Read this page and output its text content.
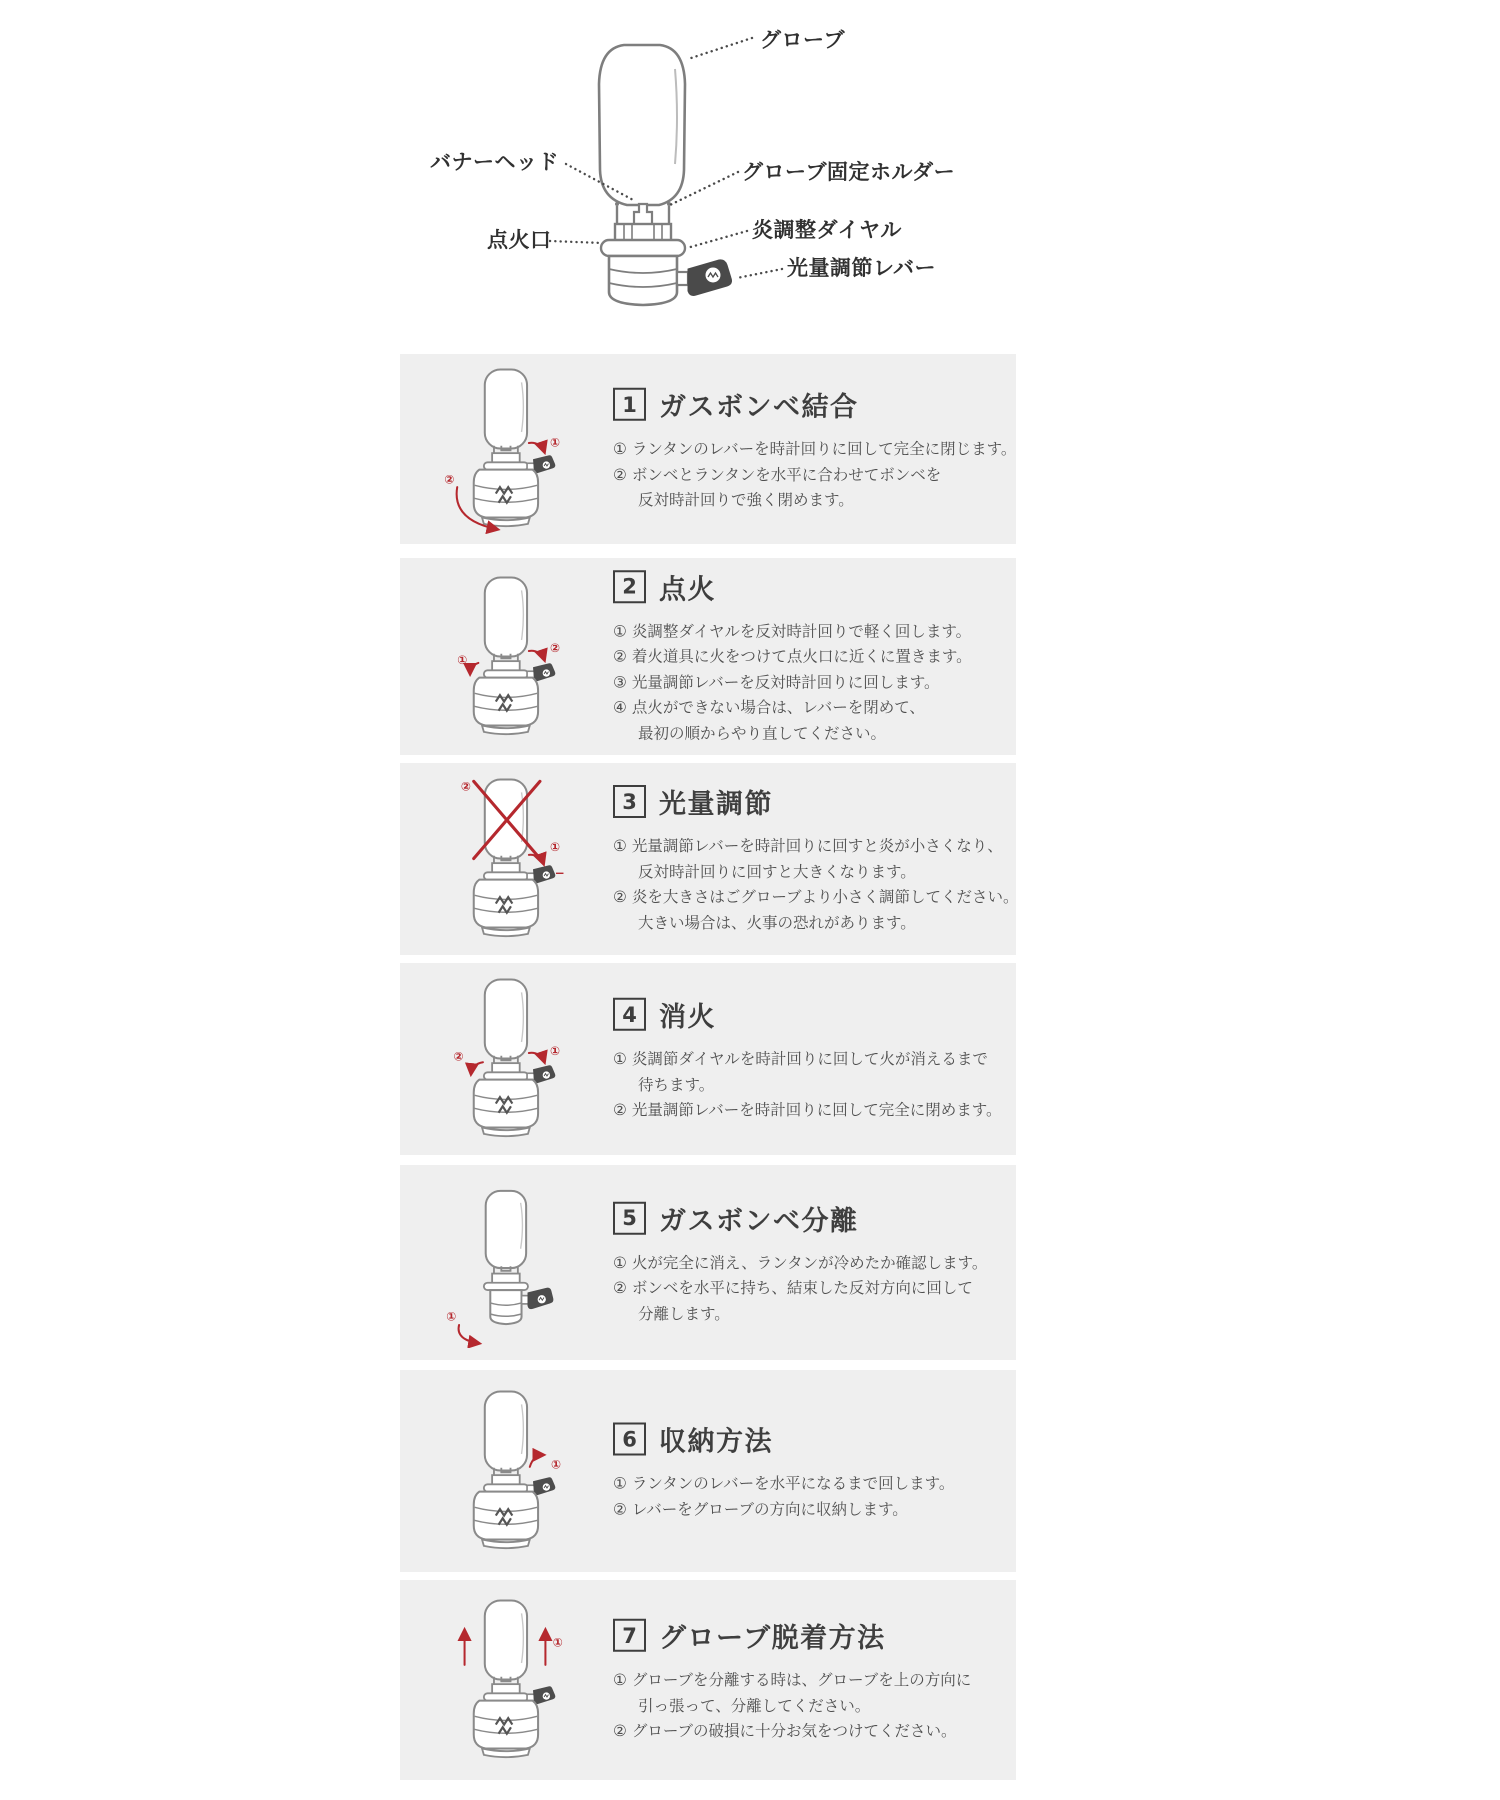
グローブ
バナーヘッド	グローブ固定ホルダー
点火口	炎調整ダイヤル
光量調節レバー
①
②
1 ガスボンベ結合

① ランタンのレバーを時計回りに回して完全に閉じます。

② ボンベとランタンを水平に合わせてボンベを

反対時計回りで強く閉めます。

①
②
2 点火

① 炎調整ダイヤルを反対時計回りで軽く回します。

② 着火道具に火をつけて点火口に近くに置きます。

③ 光量調節レバーを反対時計回りに回します。

④ 点火ができない場合は、レバーを閉めて、

最初の順からやり直してください。

②
①
−
3 光量調節

① 光量調節レバーを時計回りに回すと炎が小さくなり、

反対時計回りに回すと大きくなります。

② 炎を大きさはごグローブより小さく調節してください。

大きい場合は、火事の恐れがあります。

②	①
4 消火

① 炎調節ダイヤルを時計回りに回して火が消えるまで

待ちます。

② 光量調節レバーを時計回りに回して完全に閉めます。

①
5 ガスボンベ分離

① 火が完全に消え、ランタンが冷めたか確認します。

② ボンベを水平に持ち、結束した反対方向に回して

分離します。

①
6 収納方法

① ランタンのレバーを水平になるまで回します。

② レバーをグローブの方向に収納します。

①	7 グローブ脱着方法

① グローブを分離する時は、グローブを上の方向に

引っ張って、分離してください。

② グローブの破損に十分お気をつけてください。
